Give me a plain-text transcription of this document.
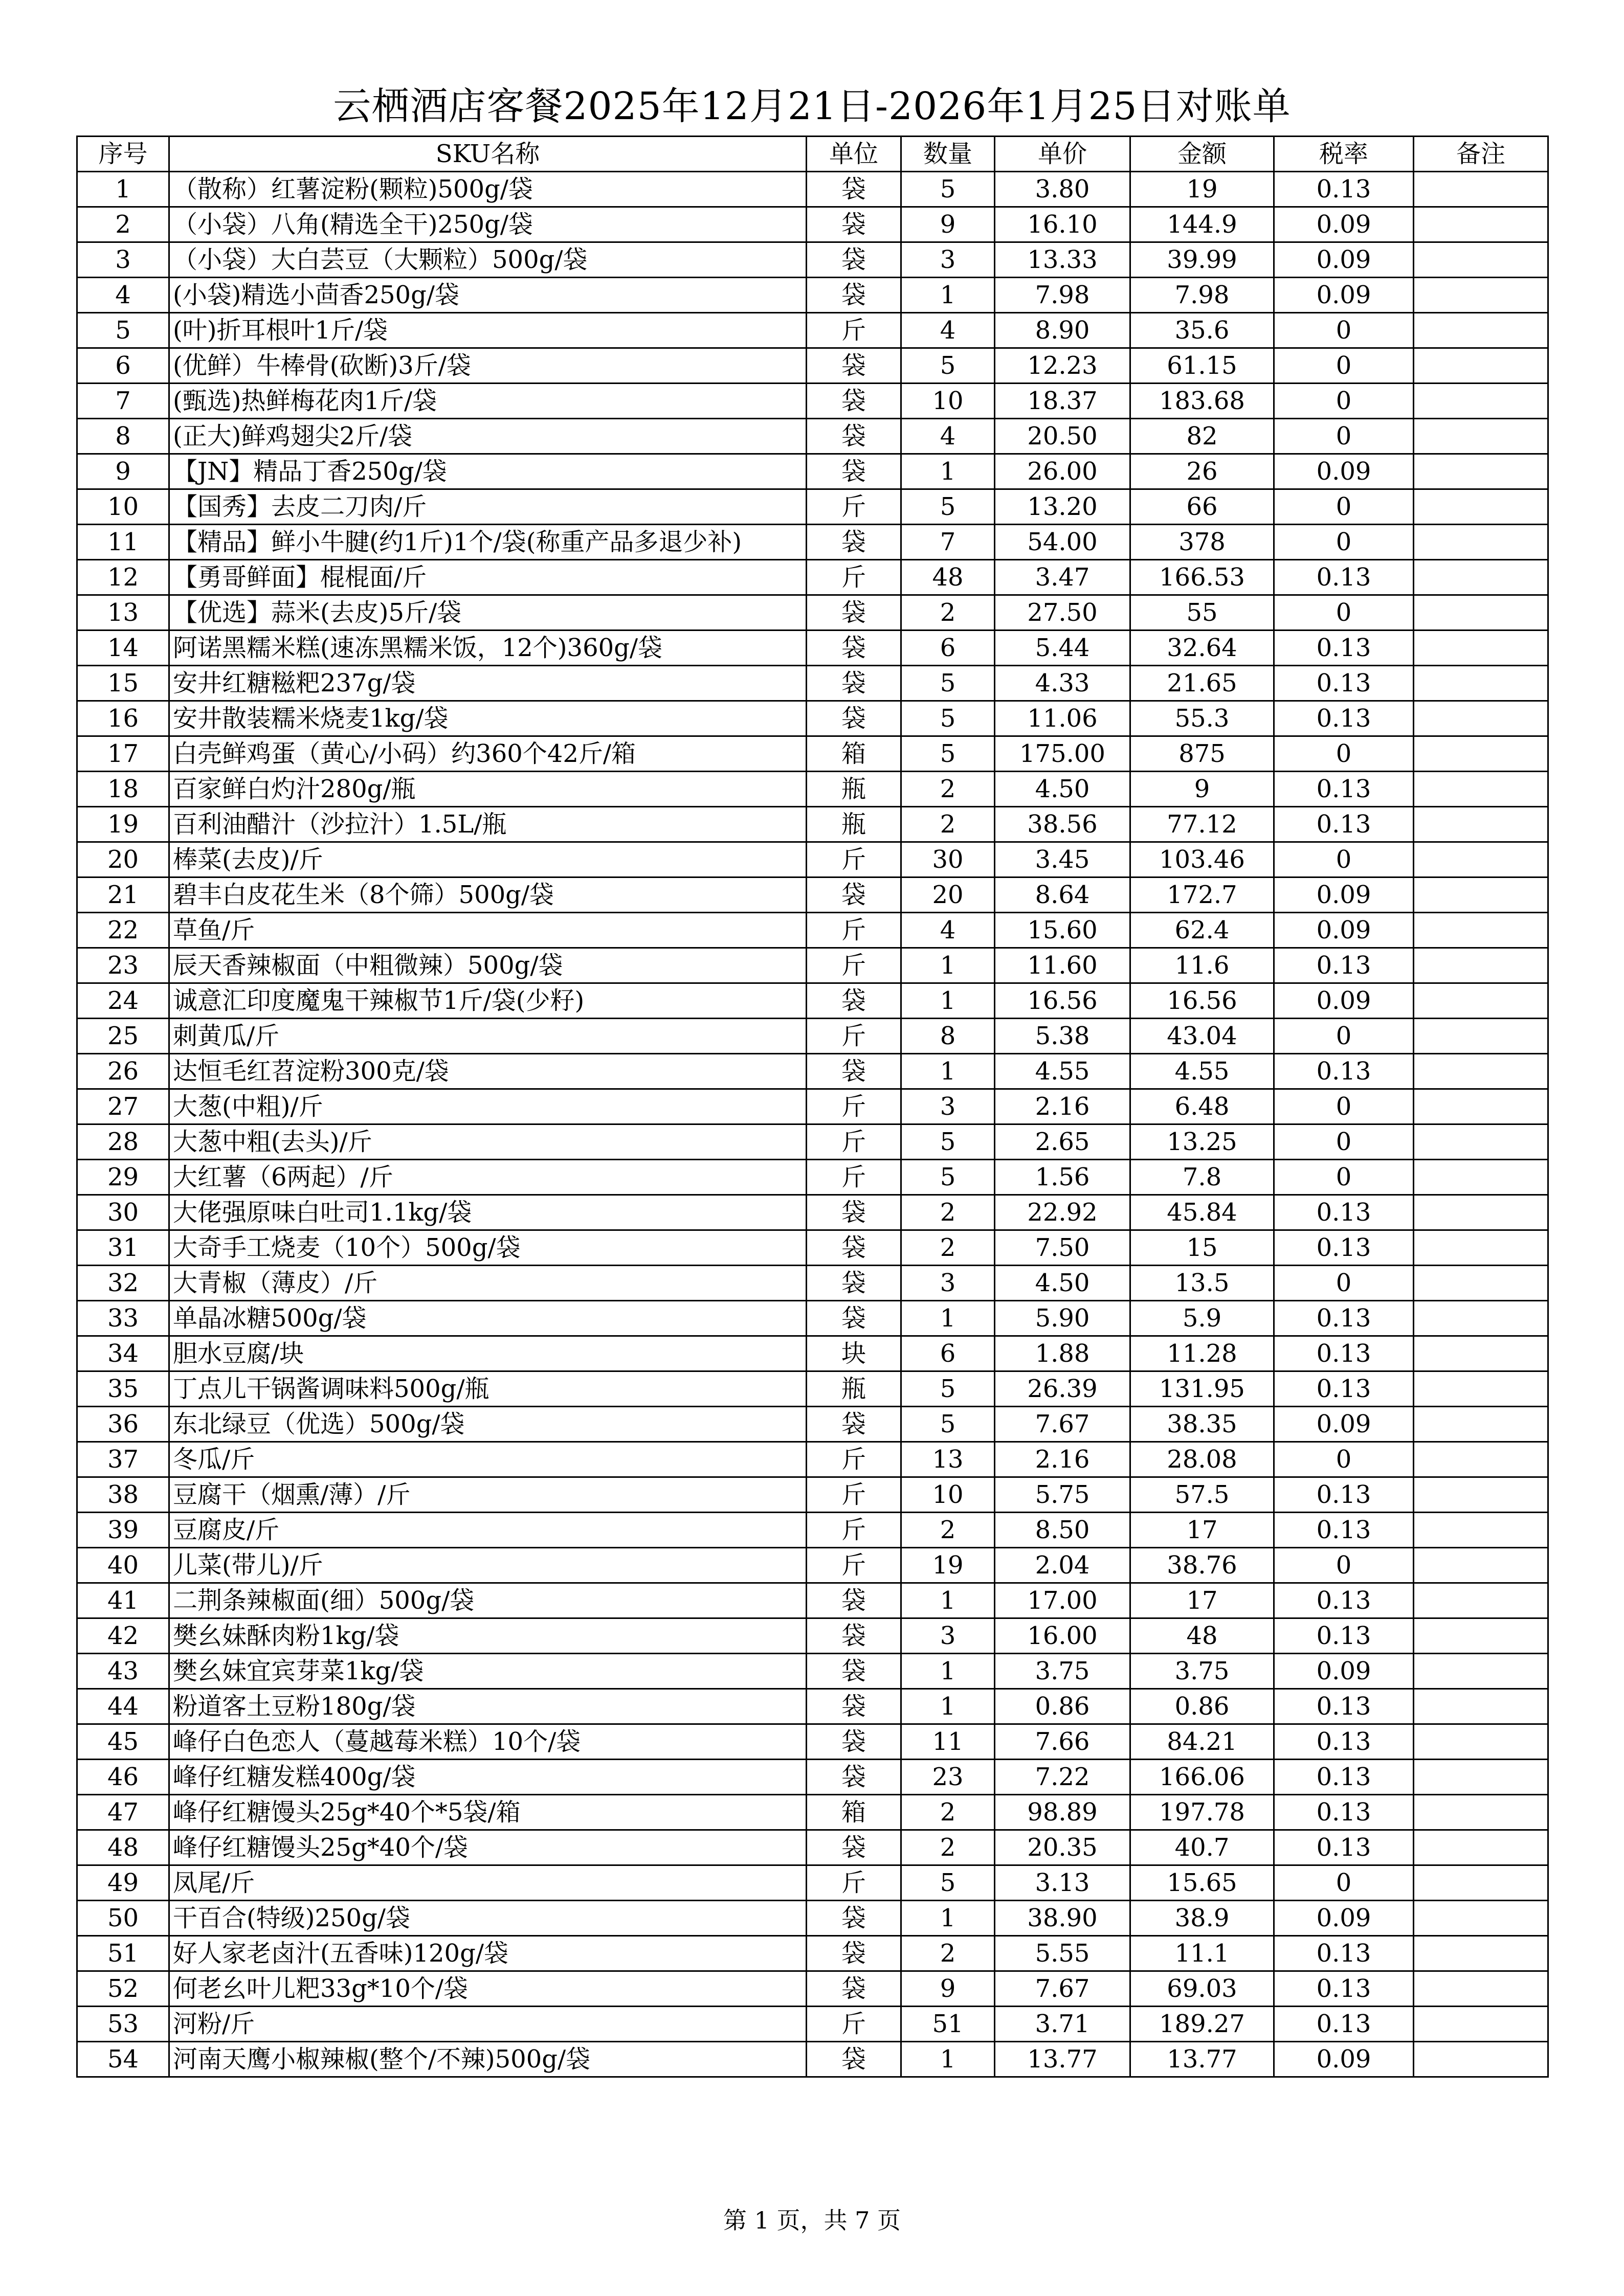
云栖酒店客餐2025年12月21日-2026年1月25日对账单
序号	SKU名称	单位	数量	单价	金额	税率	备注
1	（散称）红薯淀粉(颗粒)500g/袋	袋	5	3.80	19	0.13	
2	（小袋）八角(精选全干)250g/袋	袋	9	16.10	144.9	0.09	
3	（小袋）大白芸豆（大颗粒）500g/袋	袋	3	13.33	39.99	0.09	
4	(小袋)精选小茴香250g/袋	袋	1	7.98	7.98	0.09	
5	(叶)折耳根叶1斤/袋	斤	4	8.90	35.6	0	
6	(优鲜）牛棒骨(砍断)3斤/袋	袋	5	12.23	61.15	0	
7	(甄选)热鲜梅花肉1斤/袋	袋	10	18.37	183.68	0	
8	(正大)鲜鸡翅尖2斤/袋	袋	4	20.50	82	0	
9	【JN】精品丁香250g/袋	袋	1	26.00	26	0.09	
10	【国秀】去皮二刀肉/斤	斤	5	13.20	66	0	
11	【精品】鲜小牛腱(约1斤)1个/袋(称重产品多退少补)	袋	7	54.00	378	0	
12	【勇哥鲜面】棍棍面/斤	斤	48	3.47	166.53	0.13	
13	【优选】蒜米(去皮)5斤/袋	袋	2	27.50	55	0	
14	阿诺黑糯米糕(速冻黑糯米饭，12个)360g/袋	袋	6	5.44	32.64	0.13	
15	安井红糖糍粑237g/袋	袋	5	4.33	21.65	0.13	
16	安井散装糯米烧麦1kg/袋	袋	5	11.06	55.3	0.13	
17	白壳鲜鸡蛋（黄心/小码）约360个42斤/箱	箱	5	175.00	875	0	
18	百家鲜白灼汁280g/瓶	瓶	2	4.50	9	0.13	
19	百利油醋汁（沙拉汁）1.5L/瓶	瓶	2	38.56	77.12	0.13	
20	棒菜(去皮)/斤	斤	30	3.45	103.46	0	
21	碧丰白皮花生米（8个筛）500g/袋	袋	20	8.64	172.7	0.09	
22	草鱼/斤	斤	4	15.60	62.4	0.09	
23	辰天香辣椒面（中粗微辣）500g/袋	斤	1	11.60	11.6	0.13	
24	诚意汇印度魔鬼干辣椒节1斤/袋(少籽)	袋	1	16.56	16.56	0.09	
25	刺黄瓜/斤	斤	8	5.38	43.04	0	
26	达恒毛红苕淀粉300克/袋	袋	1	4.55	4.55	0.13	
27	大葱(中粗)/斤	斤	3	2.16	6.48	0	
28	大葱中粗(去头)/斤	斤	5	2.65	13.25	0	
29	大红薯（6两起）/斤	斤	5	1.56	7.8	0	
30	大佬强原味白吐司1.1kg/袋	袋	2	22.92	45.84	0.13	
31	大奇手工烧麦（10个）500g/袋	袋	2	7.50	15	0.13	
32	大青椒（薄皮）/斤	袋	3	4.50	13.5	0	
33	单晶冰糖500g/袋	袋	1	5.90	5.9	0.13	
34	胆水豆腐/块	块	6	1.88	11.28	0.13	
35	丁点儿干锅酱调味料500g/瓶	瓶	5	26.39	131.95	0.13	
36	东北绿豆（优选）500g/袋	袋	5	7.67	38.35	0.09	
37	冬瓜/斤	斤	13	2.16	28.08	0	
38	豆腐干（烟熏/薄）/斤	斤	10	5.75	57.5	0.13	
39	豆腐皮/斤	斤	2	8.50	17	0.13	
40	儿菜(带儿)/斤	斤	19	2.04	38.76	0	
41	二荆条辣椒面(细）500g/袋	袋	1	17.00	17	0.13	
42	樊幺妹酥肉粉1kg/袋	袋	3	16.00	48	0.13	
43	樊幺妹宜宾芽菜1kg/袋	袋	1	3.75	3.75	0.09	
44	粉道客土豆粉180g/袋	袋	1	0.86	0.86	0.13	
45	峰仔白色恋人（蔓越莓米糕）10个/袋	袋	11	7.66	84.21	0.13	
46	峰仔红糖发糕400g/袋	袋	23	7.22	166.06	0.13	
47	峰仔红糖馒头25g*40个*5袋/箱	箱	2	98.89	197.78	0.13	
48	峰仔红糖馒头25g*40个/袋	袋	2	20.35	40.7	0.13	
49	凤尾/斤	斤	5	3.13	15.65	0	
50	干百合(特级)250g/袋	袋	1	38.90	38.9	0.09	
51	好人家老卤汁(五香味)120g/袋	袋	2	5.55	11.1	0.13	
52	何老幺叶儿粑33g*10个/袋	袋	9	7.67	69.03	0.13	
53	河粉/斤	斤	51	3.71	189.27	0.13	
54	河南天鹰小椒辣椒(整个/不辣)500g/袋	袋	1	13.77	13.77	0.09	
第 1 页，共 7 页
